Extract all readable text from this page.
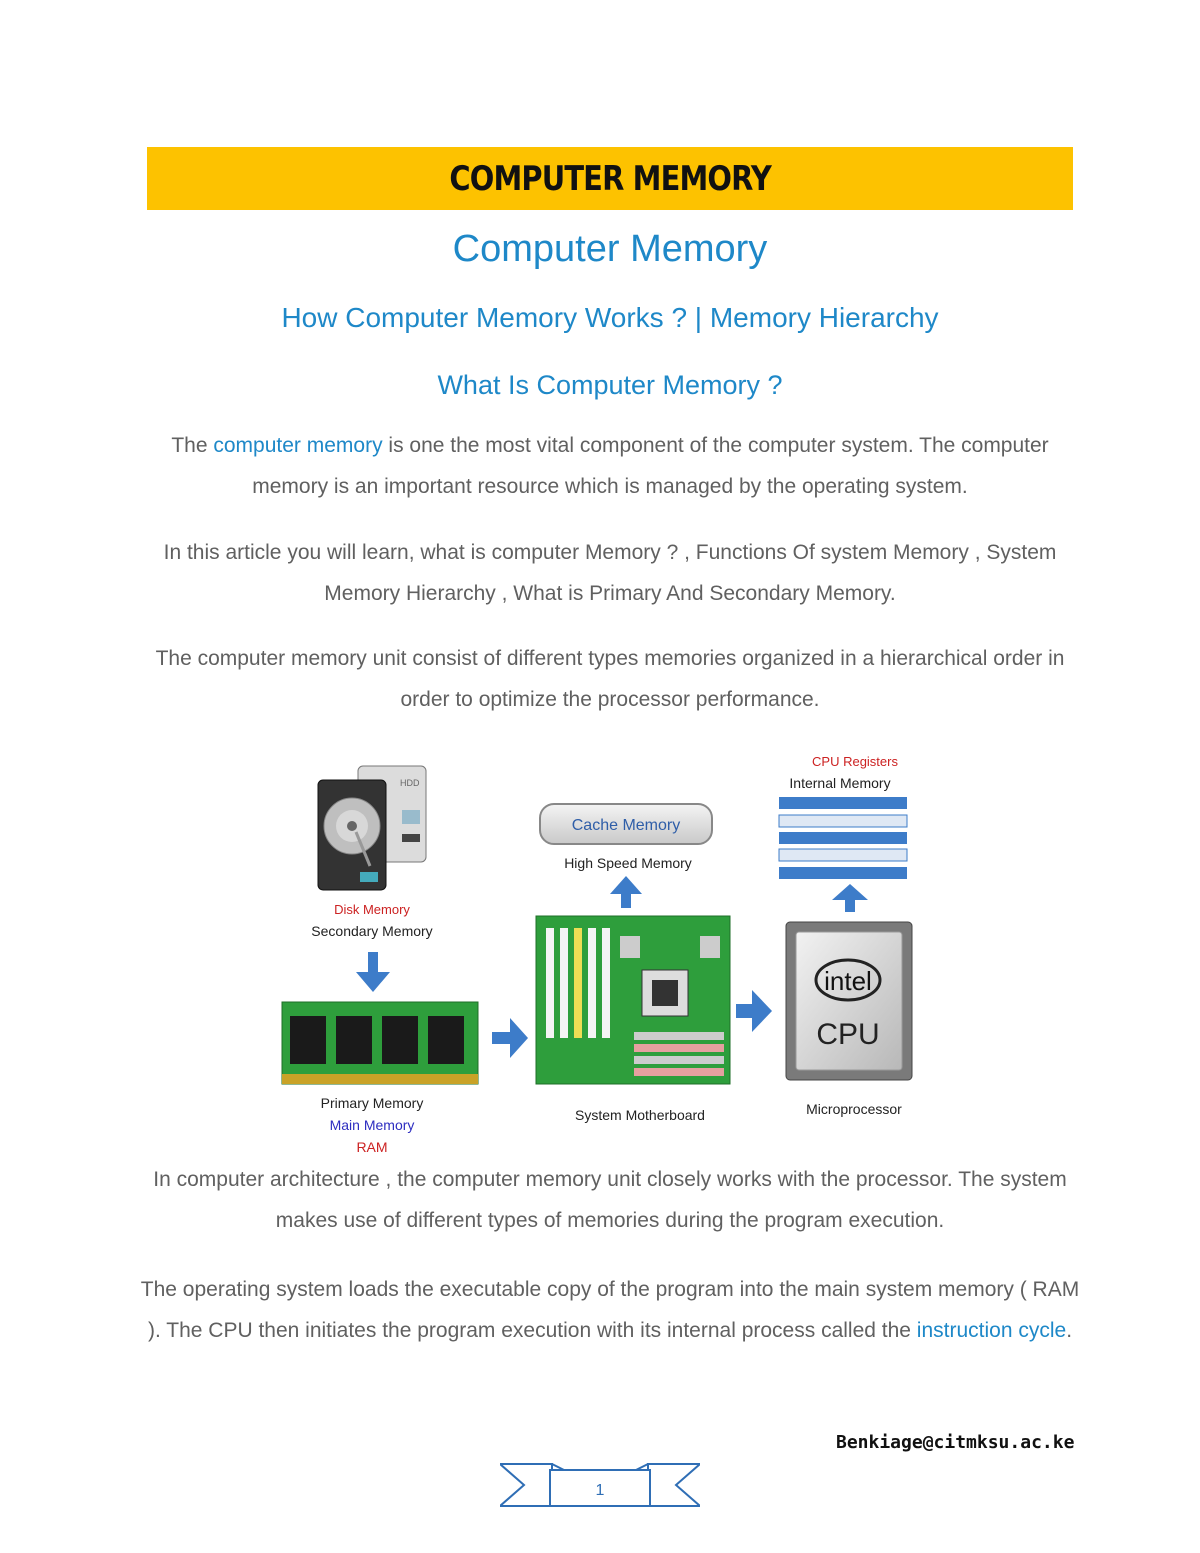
COMPUTER MEMORY
Computer Memory
How Computer Memory Works ? | Memory Hierarchy
What Is Computer Memory ?
The computer memory is one the most vital component of the computer system. The computer memory is an important resource which is managed by the operating system.
In this article you will learn, what is computer Memory ? , Functions Of system Memory , System Memory Hierarchy , What is Primary And Secondary Memory.
The computer memory unit consist of different types memories organized in a hierarchical order in order to optimize the processor performance.
HDD
Disk Memory
Secondary Memory
Primary Memory
Main Memory
RAM
Cache Memory
High Speed Memory
System Motherboard
CPU Registers
Internal Memory
intel
CPU
Microprocessor
In computer architecture , the computer memory unit closely works with the processor. The system makes use of different types of memories during the program execution.
The operating system loads the executable copy of the program into the main system memory ( RAM ). The CPU then initiates the program execution with its internal process called the instruction cycle.
Benkiage@citmksu.ac.ke
1
